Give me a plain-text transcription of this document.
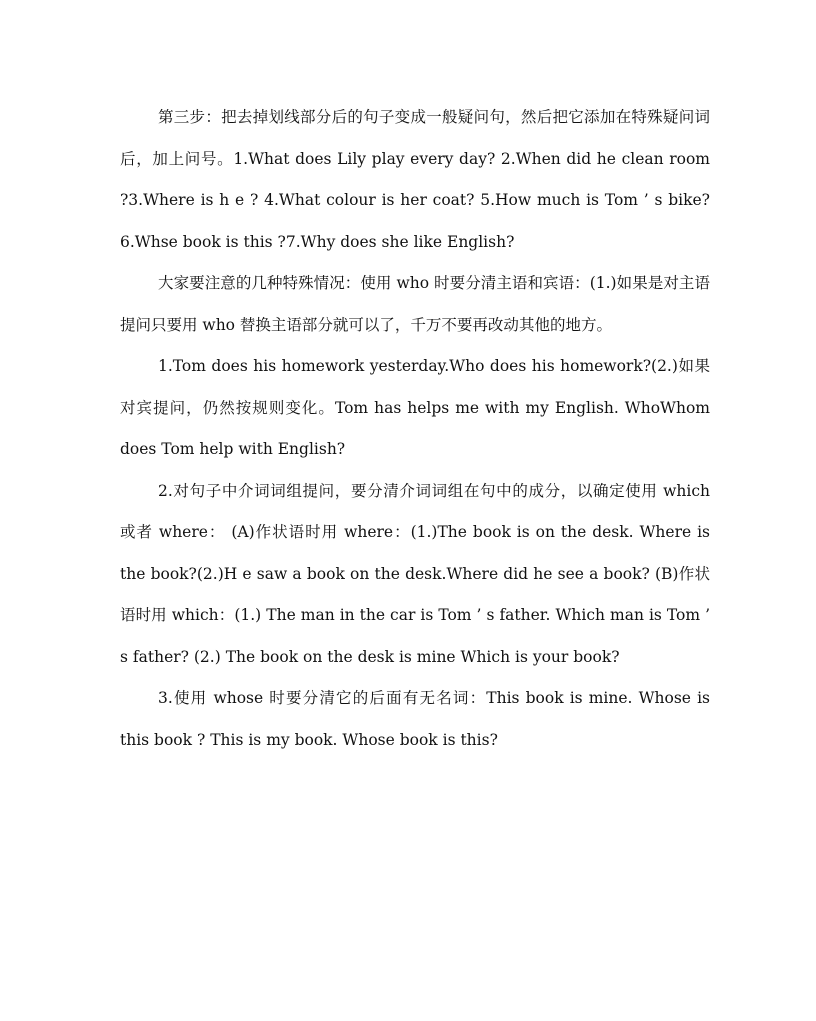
第三步：把去掉划线部分后的句子变成一般疑问句，然后把它添加在特殊疑问词后，加上问号。1.What does Lily play every day? 2.When did he clean room ?3.Where is h e ? 4.What colour is her coat? 5.How much is Tom ’ s bike? 6.Whse book is this ?7.Why does she like English?

大家要注意的几种特殊情况：使用 who 时要分清主语和宾语：(1.)如果是对主语提问只要用 who 替换主语部分就可以了，千万不要再改动其他的地方。

1.Tom does his homework yesterday.Who does his homework?(2.)如果对宾提问，仍然按规则变化。Tom has helps me with my English. WhoWhom does Tom help with English?

2.对句子中介词词组提问，要分清介词词组在句中的成分，以确定使用 which 或者 where： (A)作状语时用 where：(1.)The book is on the desk. Where is the book?(2.)H e saw a book on the desk.Where did he see a book? (B)作状语时用 which：(1.) The man in the car is Tom ’ s father. Which man is Tom ’ s father? (2.) The book on the desk is mine Which is your book?

3.使用 whose 时要分清它的后面有无名词：This book is mine. Whose is this book ? This is my book. Whose book is this?
